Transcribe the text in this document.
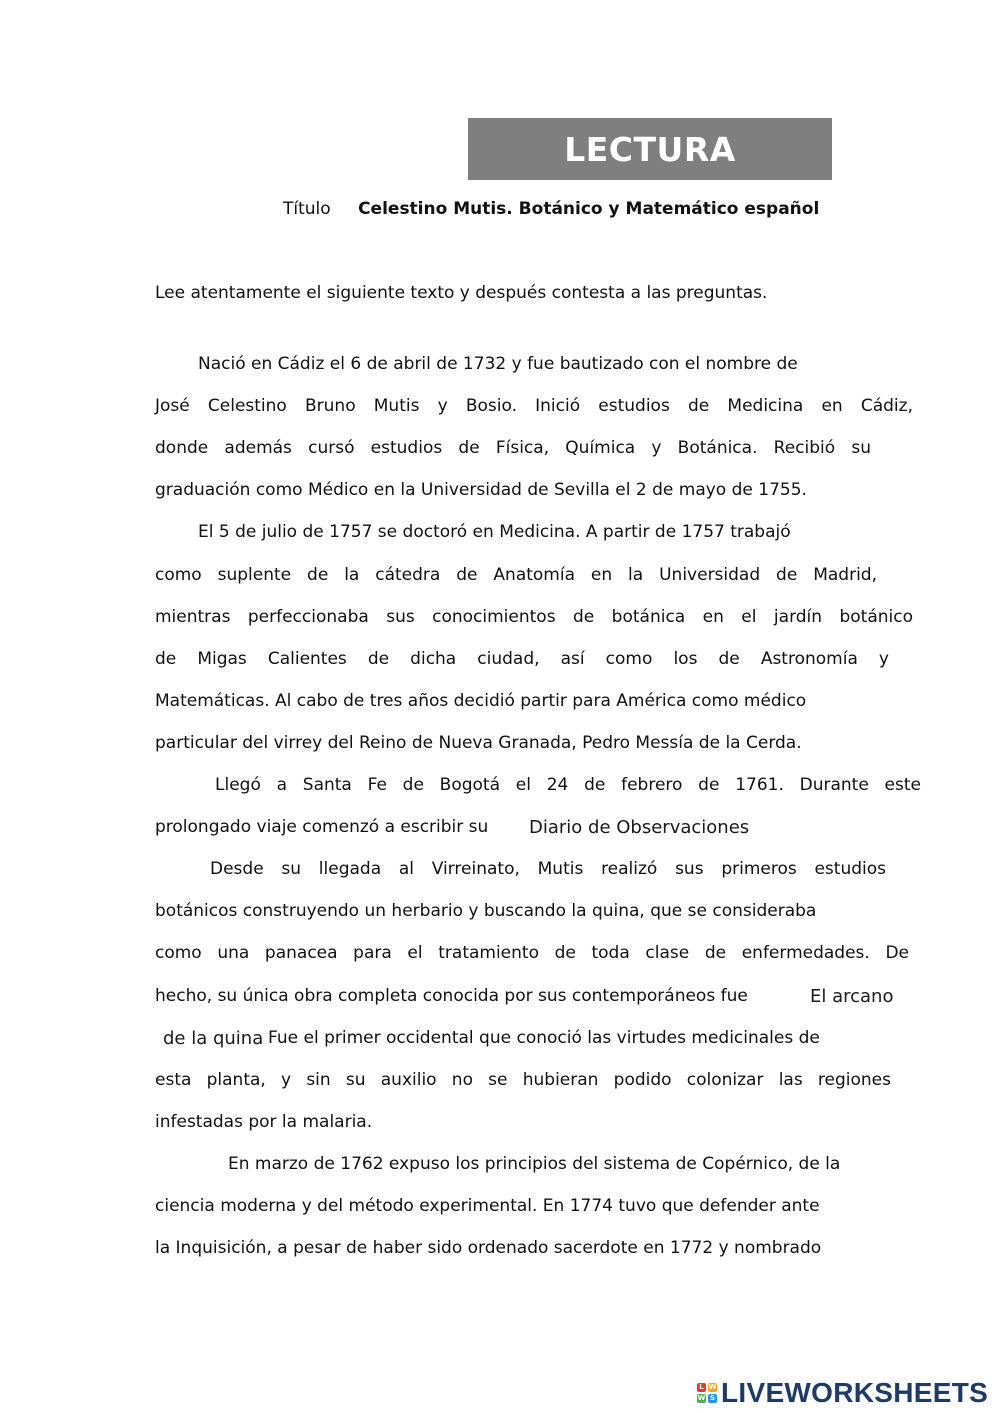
LECTURA
Título Celestino Mutis. Botánico y Matemático español
Lee atentamente el siguiente texto y después contesta a las preguntas.
Nació en Cádiz el 6 de abril de 1732 y fue bautizado con el nombre de
José Celestino Bruno Mutis y Bosio. Inició estudios de Medicina en Cádiz,
donde además cursó estudios de Física, Química y Botánica. Recibió su
graduación como Médico en la Universidad de Sevilla el 2 de mayo de 1755.
El 5 de julio de 1757 se doctoró en Medicina. A partir de 1757 trabajó
como suplente de la cátedra de Anatomía en la Universidad de Madrid,
mientras perfeccionaba sus conocimientos de botánica en el jardín botánico
de Migas Calientes de dicha ciudad, así como los de Astronomía y
Matemáticas. Al cabo de tres años decidió partir para América como médico
particular del virrey del Reino de Nueva Granada, Pedro Messía de la Cerda.
Llegó a Santa Fe de Bogotá el 24 de febrero de 1761. Durante este
prolongado viaje comenzó a escribir su Diario de Observaciones
Desde su llegada al Virreinato, Mutis realizó sus primeros estudios
botánicos construyendo un herbario y buscando la quina, que se consideraba
como una panacea para el tratamiento de toda clase de enfermedades. De
hecho, su única obra completa conocida por sus contemporáneos fue	El arcano
de la quina Fue el primer occidental que conoció las virtudes medicinales de
esta planta, y sin su auxilio no se hubieran podido colonizar las regiones
infestadas por la malaria.
En marzo de 1762 expuso los principios del sistema de Copérnico, de la
ciencia moderna y del método experimental. En 1774 tuvo que defender ante
la Inquisición, a pesar de haber sido ordenado sacerdote en 1772 y nombrado
L W
W S LIVEWORKSHEETS
